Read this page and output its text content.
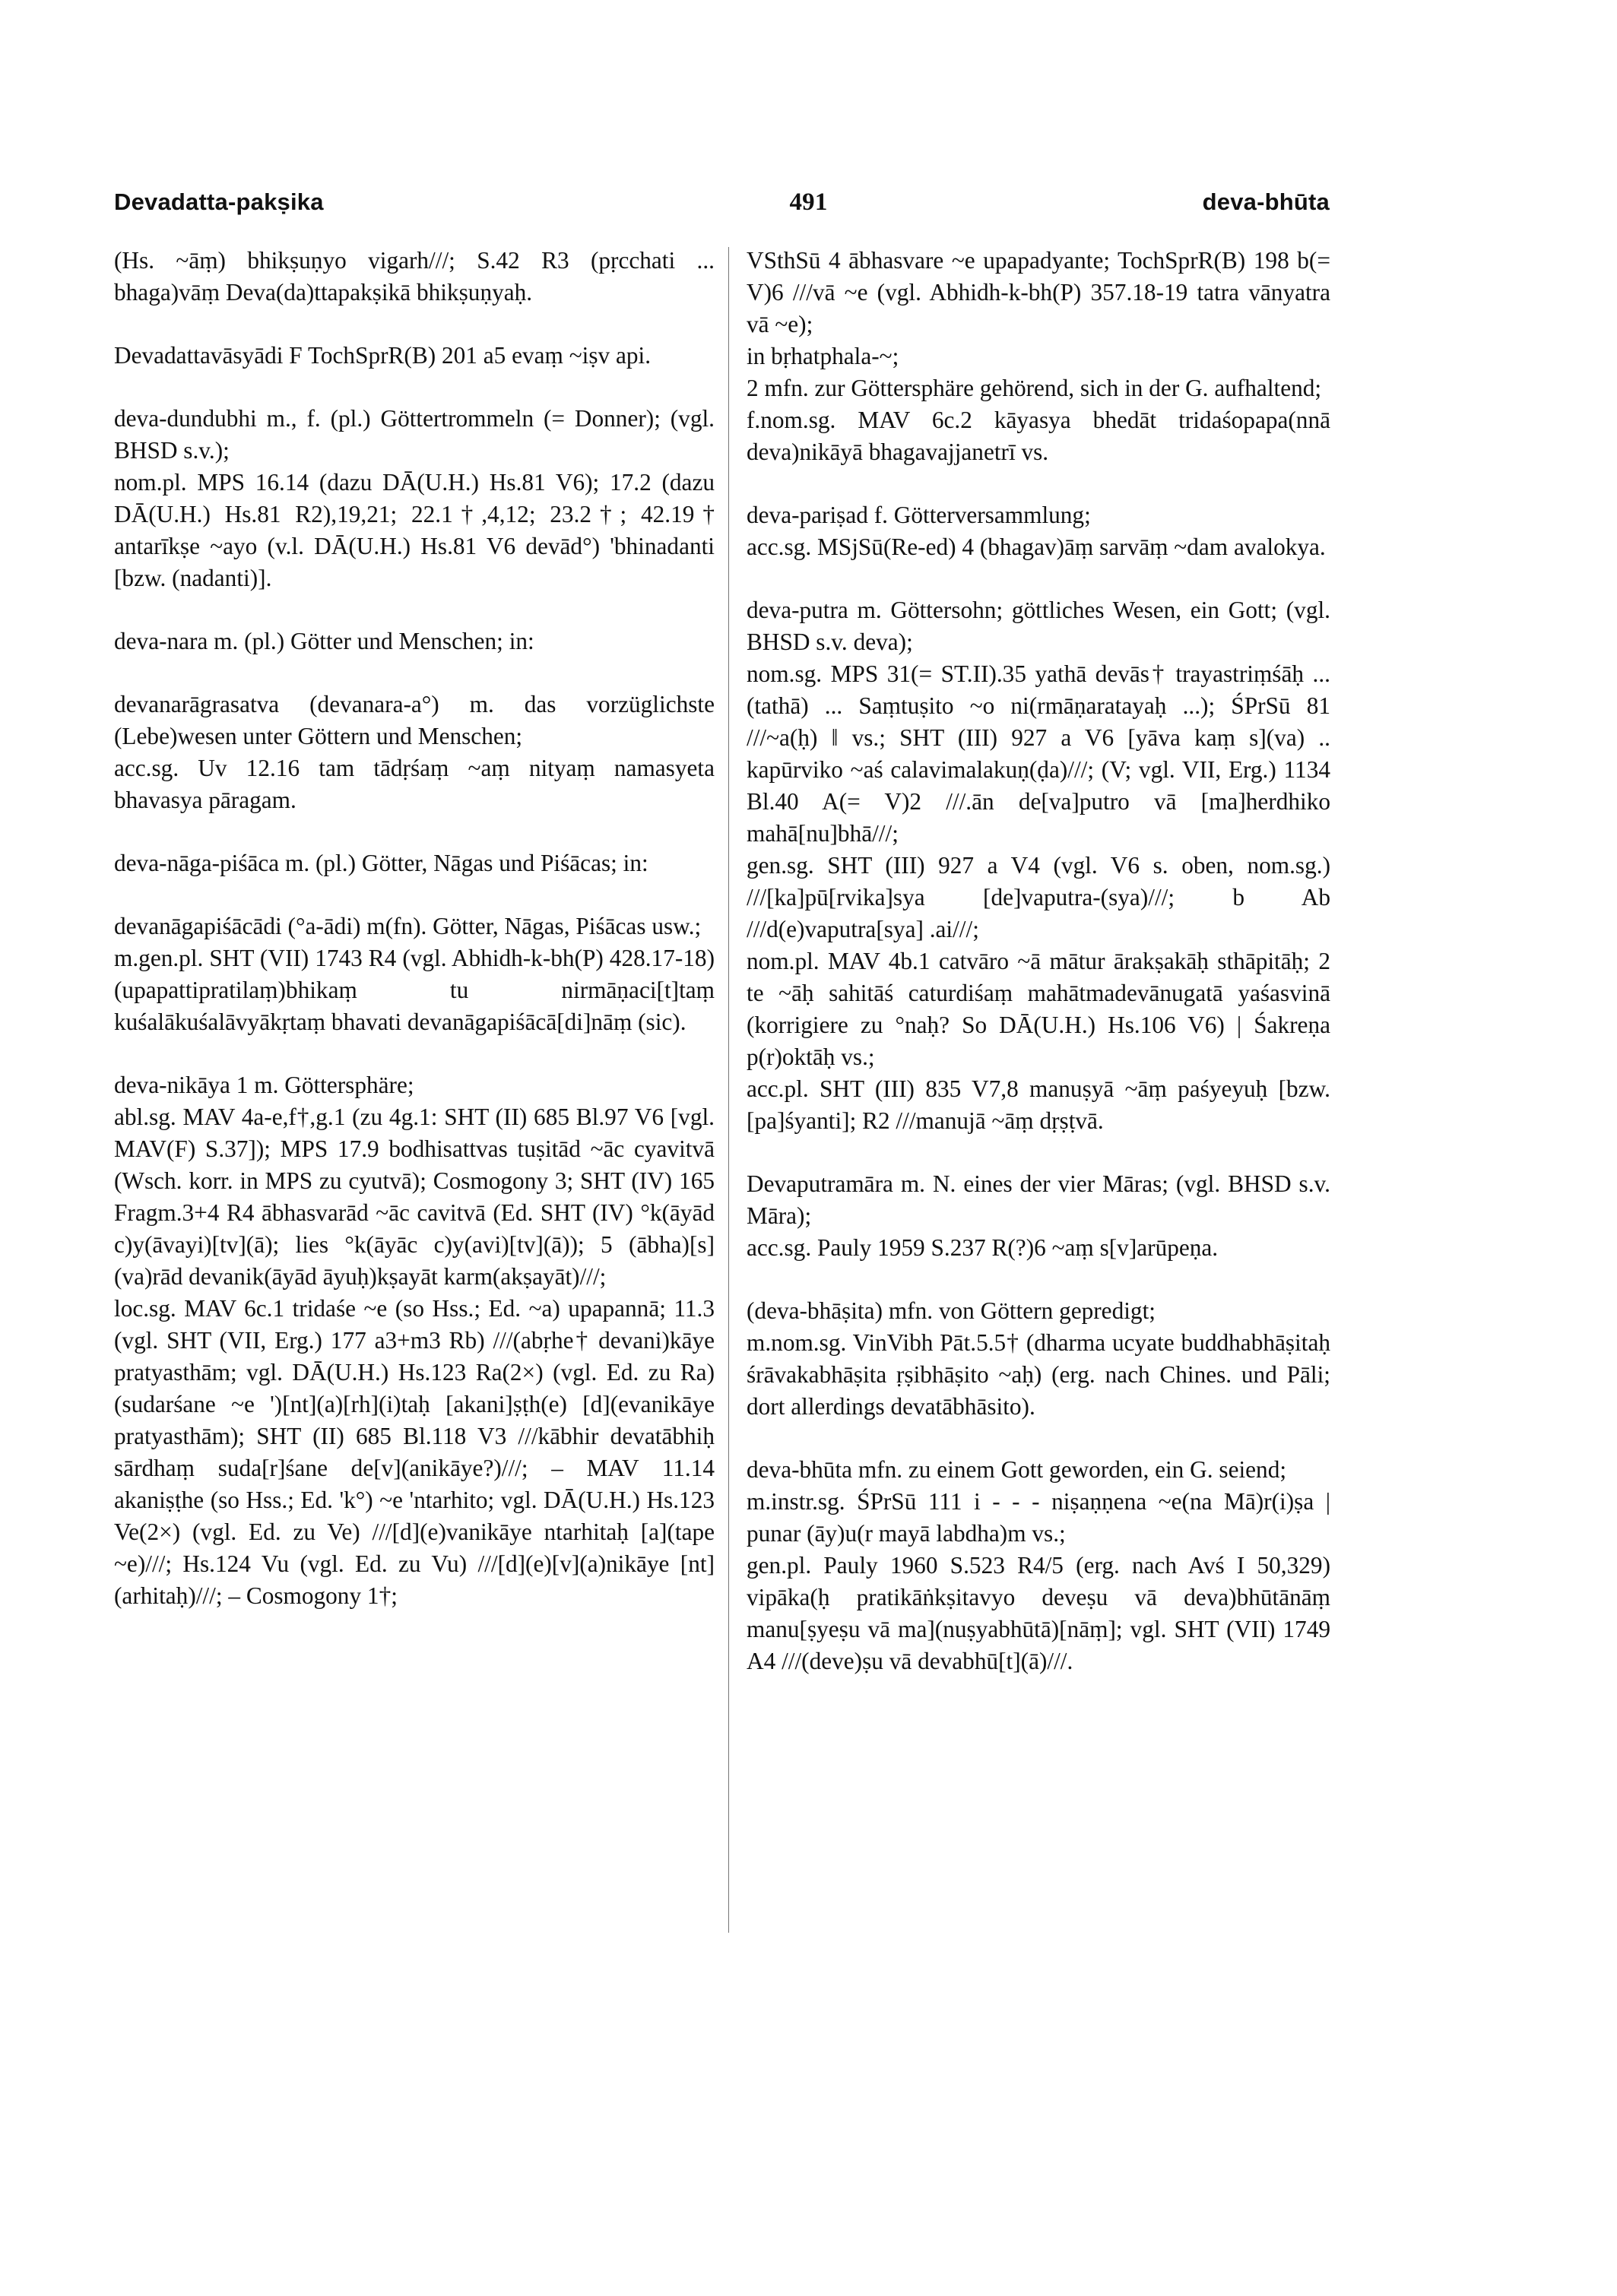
Devadatta-pakṣika	491	deva-bhūta

(Hs. ~āṃ) bhikṣuṇyo vigarh///; S.42 R3 (pṛcchati ... bhaga)vāṃ Deva(da)ttapakṣikā bhikṣuṇyaḥ.

Devadattavāsyādi F TochSprR(B) 201 a5 evaṃ ~iṣv api.

deva-dundubhi m., f. (pl.) Göttertrommeln (= Donner); (vgl. BHSD s.v.);

nom.pl. MPS 16.14 (dazu DĀ(U.H.) Hs.81 V6); 17.2 (dazu DĀ(U.H.) Hs.81 R2),19,21; 22.1†,4,12; 23.2†; 42.19† antarīkṣe ~ayo (v.l. DĀ(U.H.) Hs.81 V6 devād°) 'bhinadanti [bzw. (nadanti)].

deva-nara m. (pl.) Götter und Menschen; in:

devanarāgrasatva (devanara-a°) m. das vorzüglichste (Lebe)wesen unter Göttern und Menschen;

acc.sg. Uv 12.16 tam tādṛśaṃ ~aṃ nityaṃ namasyeta bhavasya pāragam.

deva-nāga-piśāca m. (pl.) Götter, Nāgas und Piśācas; in:

devanāgapiśācādi (°a-ādi) m(fn). Götter, Nāgas, Piśācas usw.;

m.gen.pl. SHT (VII) 1743 R4 (vgl. Abhidh-k-bh(P) 428.17-18) (upapattipratilaṃ)bhikaṃ tu nirmāṇaci[t]taṃ kuśalākuśalāvyākṛtaṃ bhavati devanāgapiśācā[di]nāṃ (sic).

deva-nikāya 1 m. Göttersphäre;

abl.sg. MAV 4a-e,f†,g.1 (zu 4g.1: SHT (II) 685 Bl.97 V6 [vgl. MAV(F) S.37]); MPS 17.9 bodhisattvas tuṣitād ~āc cyavitvā (Wsch. korr. in MPS zu cyutvā); Cosmogony 3; SHT (IV) 165 Fragm.3+4 R4 ābhasvarād ~āc cavitvā (Ed. SHT (IV) °k(āyād c)y(āvayi)[tv](ā); lies °k(āyāc c)y(avi)[tv](ā)); 5 (ābha)[s](va)rād devanik(āyād āyuḥ)kṣayāt karm(akṣayāt)///;

loc.sg. MAV 6c.1 tridaśe ~e (so Hss.; Ed. ~a) upapannā; 11.3 (vgl. SHT (VII, Erg.) 177 a3+m3 Rb) ///(abṛhe† devani)kāye pratyasthām; vgl. DĀ(U.H.) Hs.123 Ra(2×) (vgl. Ed. zu Ra) (sudarśane ~e ')[nt](a)[rh](i)taḥ [akani]ṣṭh(e) [d](evanikāye pratyasthām); SHT (II) 685 Bl.118 V3 ///kābhir devatābhiḥ sārdhaṃ suda[r]śane de[v](anikāye?)///; – MAV 11.14 akaniṣṭhe (so Hss.; Ed. 'k°) ~e 'ntarhito; vgl. DĀ(U.H.) Hs.123 Ve(2×) (vgl. Ed. zu Ve) ///[d](e)vanikāye ntarhitaḥ [a](tape ~e)///; Hs.124 Vu (vgl. Ed. zu Vu) ///[d](e)[v](a)nikāye [nt](arhitaḥ)///; – Cosmogony 1†;

VSthSū 4 ābhasvare ~e upapadyante; TochSprR(B) 198 b(= V)6 ///vā ~e (vgl. Abhidh-k-bh(P) 357.18-19 tatra vānyatra vā ~e);

in bṛhatphala-~;

2 mfn. zur Göttersphäre gehörend, sich in der G. aufhaltend;

f.nom.sg. MAV 6c.2 kāyasya bhedāt tridaśopapa(nnā deva)nikāyā bhagavajjanetrī vs.

deva-pariṣad f. Götterversammlung;

acc.sg. MSjSū(Re-ed) 4 (bhagav)āṃ sarvāṃ ~dam avalokya.

deva-putra m. Göttersohn; göttliches Wesen, ein Gott; (vgl. BHSD s.v. deva);

nom.sg. MPS 31(= ST.II).35 yathā devās† trayastriṃśāḥ ... (tathā) ... Saṃtuṣito ~o ni(rmāṇaratayaḥ ...); ŚPrSū 81 ///~a(ḥ) ‖ vs.; SHT (III) 927 a V6 [yāva kaṃ s](va) .. kapūrviko ~aś calavimalakuṇ(ḍa)///; (V; vgl. VII, Erg.) 1134 Bl.40 A(= V)2 ///.ān de[va]putro vā [ma]herdhiko mahā[nu]bhā///;

gen.sg. SHT (III) 927 a V4 (vgl. V6 s. oben, nom.sg.) ///[ka]pū[rvika]sya [de]vaputra-(sya)///; b Ab ///d(e)vaputra[sya] .ai///;

nom.pl. MAV 4b.1 catvāro ~ā mātur ārakṣakāḥ sthāpitāḥ; 2 te ~āḥ sahitāś caturdiśaṃ mahātmadevānugatā yaśasvinā (korrigiere zu °naḥ? So DĀ(U.H.) Hs.106 V6) | Śakreṇa p(r)oktāḥ vs.;

acc.pl. SHT (III) 835 V7,8 manuṣyā ~āṃ paśyeyuḥ [bzw. [pa]śyanti]; R2 ///manujā ~āṃ dṛṣṭvā.

Devaputramāra m. N. eines der vier Māras; (vgl. BHSD s.v. Māra);

acc.sg. Pauly 1959 S.237 R(?)6 ~aṃ s[v]arūpeṇa.

(deva-bhāṣita) mfn. von Göttern gepredigt;

m.nom.sg. VinVibh Pāt.5.5† (dharma ucyate buddhabhāṣitaḥ śrāvakabhāṣita ṛṣibhāṣito ~aḥ) (erg. nach Chines. und Pāli; dort allerdings devatābhāsito).

deva-bhūta mfn. zu einem Gott geworden, ein G. seiend;

m.instr.sg. ŚPrSū 111 i - - - niṣaṇṇena ~e(na Mā)r(i)ṣa | punar (āy)u(r mayā labdha)m vs.;

gen.pl. Pauly 1960 S.523 R4/5 (erg. nach Avś I 50,329) vipāka(ḥ pratikāṅkṣitavyo deveṣu vā deva)bhūtānāṃ manu[ṣyeṣu vā ma](nuṣyabhūtā)[nāṃ]; vgl. SHT (VII) 1749 A4 ///(deve)ṣu vā devabhū[t](ā)///.
